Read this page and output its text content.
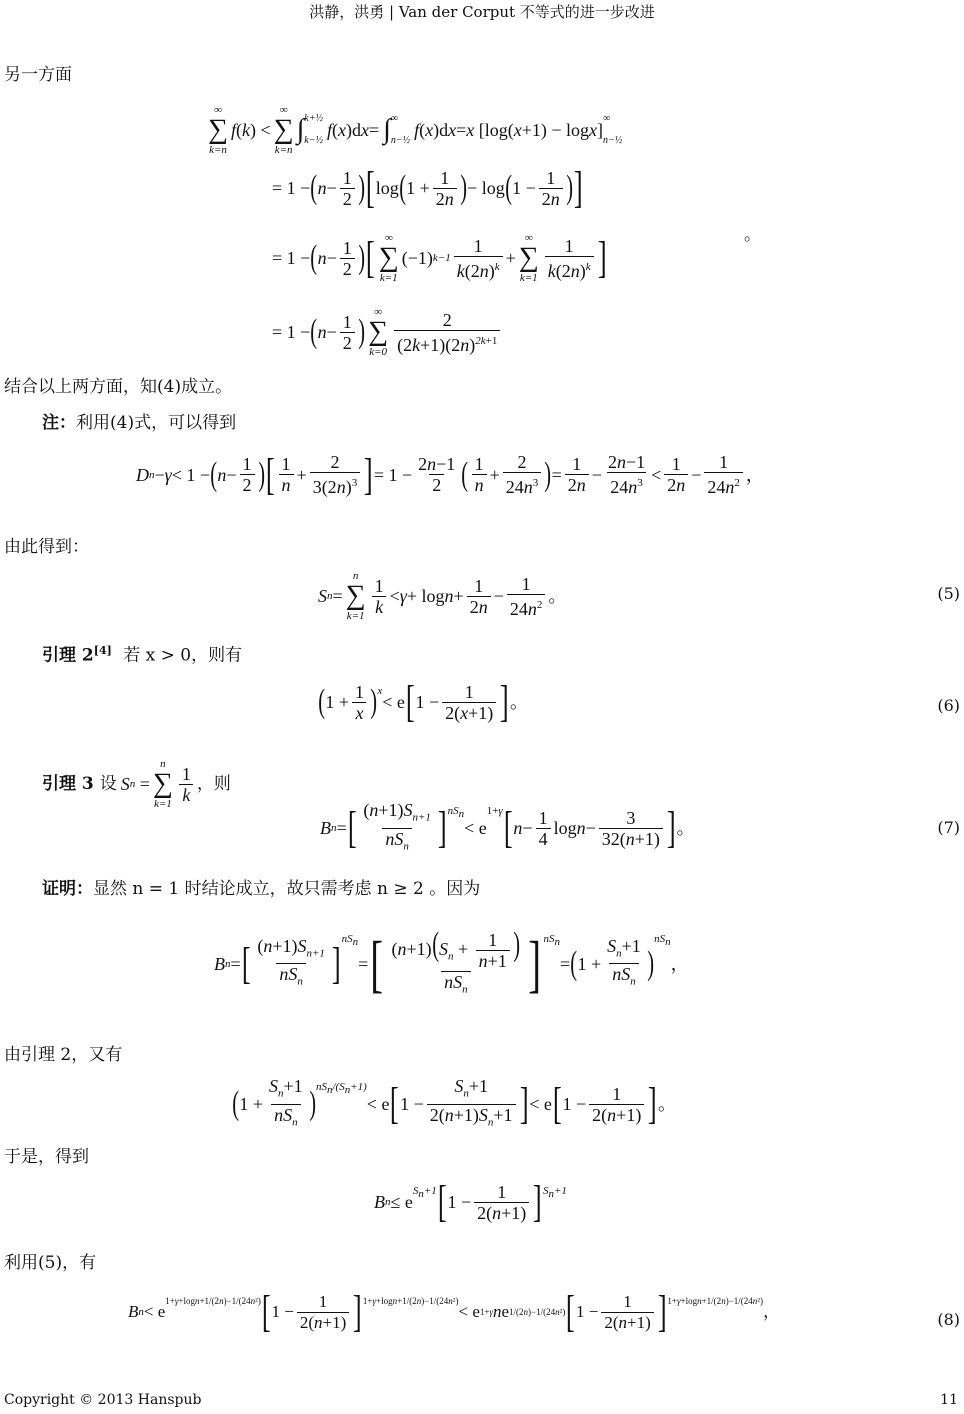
洪静，洪勇 | Van der Corput 不等式的进一步改进
另一方面
∞
∑
k=n
f ( k ) <
∞
∑
k=n
∫ k+½
k−½
f ( x )d x = ∫ ∞
n−½
f ( x )d x = x [log( x +1) − log x ]
∞
n−½
= 1 − ( $n - \frac{1}{2}$ ) [ log ( $1 + \frac{1}{2n}$ ) − log ( $1 - \frac{1}{2n}$ ) ]
= 1 − ( $n - \frac{1}{2}$ ) [ ∞
∑
k=1
(−1) $k-1 \frac{1}{k(2n)^k}$ +
∞
∑
$k=1 \frac{1}{k(2n)^k}$ ]	。
= 1 − ( $n - \frac{1}{2}$ )
∞
∑
$k=0 \frac{2}{(2k+1)(2n)^{2k+1}}$
结合以上两方面，知(4)成立。
注：利用(4)式，可以得到
D n − γ < 1 − ( $n - \frac{1}{2}$ ) [ $\frac{1}{n} + \frac{2}{3(2n)^3}$ ] = $1 - \frac{2n-1}{2}$ ( $\frac{1}{n} + \frac{2}{24n^3}$ ) = $\frac{1}{2n} - \frac{2n-1}{24n^3} < \frac{1}{2n} - \frac{1}{24n^2}$ ，
由此得到：
S n =
n
∑
$k=1 \frac{1}{k} < \gamma + \log n + \frac{1}{2n} - \frac{1}{24n^2}$ 。	(5)
引理 2[4] 若 x > 0，则有
( $1 + \frac{1}{x} )^x$
< e [ $1 - \frac{1}{2(x+1)}$ ] 。	(6)
引理 3 设 S n =
n
∑
$k=1 \frac{1}{k}$ ，则
B n = [ $\frac{(n+1)S_{n+1}}{nS_n} ]^{nS_n}$
< e
1+γ [ $n - \frac{1}{4}$ $\log n - \frac{3}{32(n+1)}$ ] 。	(7)
证明：显然 n = 1 时结论成立，故只需考虑 n ≥ 2 。因为
B n = [ $\frac{(n+1)S_{n+1}}{nS_n} ]^{nS_n}$
= [ $\frac{(n+1)(S_n + \frac{1}{n+1} )}{nS_n} ]^{nS_n}$
= ( $1 + \frac{S_n+1}{nS_n}$ )
$^{nS_n}$
，
由引理 2，又有
( $1 + \frac{S_n+1}{nS_n} )^{nS_n/(S_n+1)}$
< e [ $1 - \frac{S_n+1}{2(n+1)S_n+1}$ ] < e [ $1 - \frac{1}{2(n+1)}$ ] 。
于是，得到
B n ≤ e
$^{S_n+1}$ [ $1 - \frac{1}{2(n+1)} ]^{S_n+1}$
利用(5)，有
B n < e
$^{1+\gamma+logn+1/(2n)-1/(24n^2)}$ [ $1 - \frac{1}{2(n+1)} ]^{1+\gamma+logn+1/(2n)-1/(24n^2)}$
< $e_{1+\gamma}$ n e 1/(2n)−1/(24n²) [ $1 - \frac{1}{2(n+1)} ]^{1+\gamma+logn+1/(2n)-1/(24n^2)}$
，	(8)
Copyright © 2013 Hanspub	11
